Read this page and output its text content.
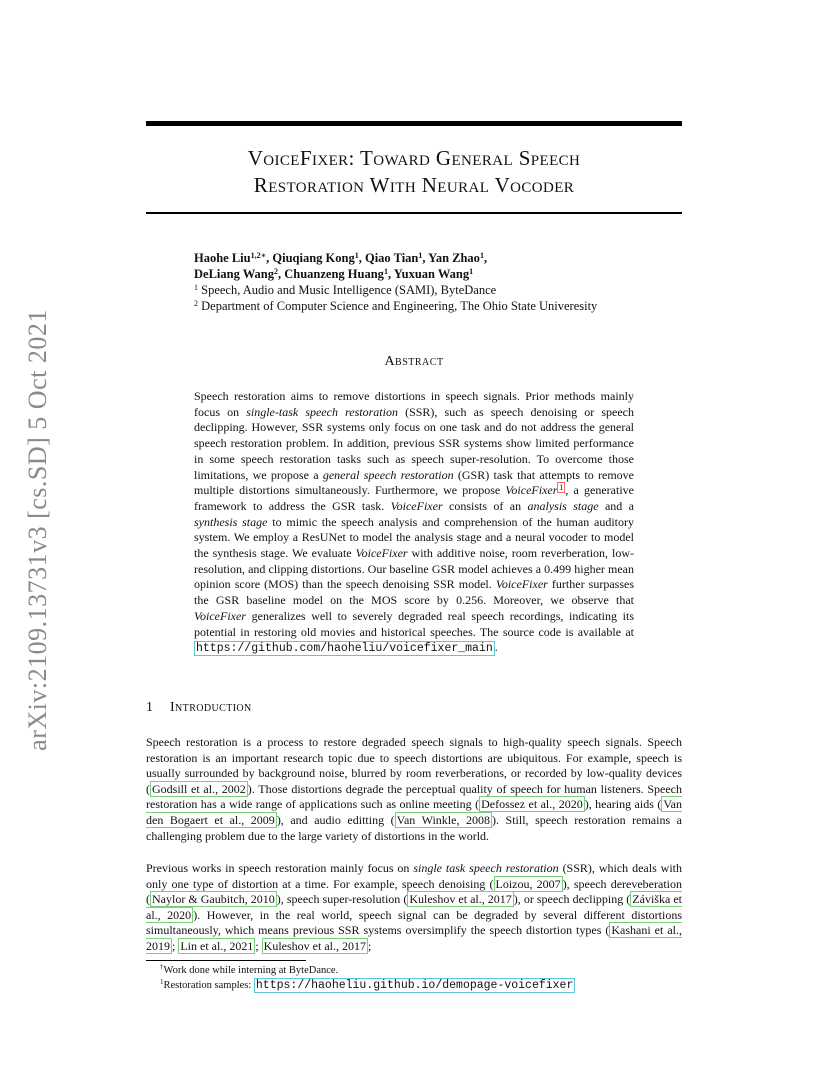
arXiv:2109.13731v3 [cs.SD] 5 Oct 2021
VoiceFixer: Toward General Speech
Restoration With Neural Vocoder
Haohe Liu$^{1,2∗}$, Qiuqiang Kong$^1$, Qiao Tian$^1$, Yan Zhao$^1$,
DeLiang Wang$^2$, Chuanzeng Huang$^1$, Yuxuan Wang$^1$
$^1$ Speech, Audio and Music Intelligence (SAMI), ByteDance
$^2$ Department of Computer Science and Engineering, The Ohio State Univeresity
Abstract
Speech restoration aims to remove distortions in speech signals. Prior methods mainly focus on single-task speech restoration (SSR), such as speech denoising or speech declipping. However, SSR systems only focus on one task and do not address the general speech restoration problem. In addition, previous SSR systems show limited performance in some speech restoration tasks such as speech super-resolution. To overcome those limitations, we propose a general speech restoration (GSR) task that attempts to remove multiple distortions simultaneously. Furthermore, we propose VoiceFixer $^1$ , a generative framework to address the GSR task. VoiceFixer consists of an analysis stage and a synthesis stage to mimic the speech analysis and comprehension of the human auditory system. We employ a ResUNet to model the analysis stage and a neural vocoder to model the synthesis stage. We evaluate VoiceFixer with additive noise, room reverberation, low-resolution, and clipping distortions. Our baseline GSR model achieves a 0.499 higher mean opinion score (MOS) than the speech denoising SSR model. VoiceFixer further surpasses the GSR baseline model on the MOS score by 0.256. Moreover, we observe that VoiceFixer generalizes well to severely degraded real speech recordings, indicating its potential in restoring old movies and historical speeches. The source code is available at https://github.com/haoheliu/voicefixer_main .
1 Introduction
Speech restoration is a process to restore degraded speech signals to high-quality speech signals. Speech restoration is an important research topic due to speech distortions are ubiquitous. For example, speech is usually surrounded by background noise, blurred by room reverberations, or recorded by low-quality devices ( Godsill et al., 2002 ). Those distortions degrade the perceptual quality of speech for human listeners. Speech restoration has a wide range of applications such as online meeting ( Defossez et al., 2020 ), hearing aids ( Van den Bogaert et al., 2009 ), and audio editting ( Van Winkle, 2008 ). Still, speech restoration remains a challenging problem due to the large variety of distortions in the world.
Previous works in speech restoration mainly focus on single task speech restoration (SSR), which deals with only one type of distortion at a time. For example, speech denoising ( Loizou, 2007 ), speech dereveberation ( Naylor & Gaubitch, 2010 ), speech super-resolution ( Kuleshov et al., 2017 ), or speech declipping ( Záviška et al., 2020 ). However, in the real world, speech signal can be degraded by several different distortions simultaneously, which means previous SSR systems oversimplify the speech distortion types ( Kashani et al., 2019 ; Lin et al., 2021 ; Kuleshov et al., 2017 ;
†Work done while interning at ByteDance.
$^1$Restoration samples: https://haoheliu.github.io/demopage-voicefixer
